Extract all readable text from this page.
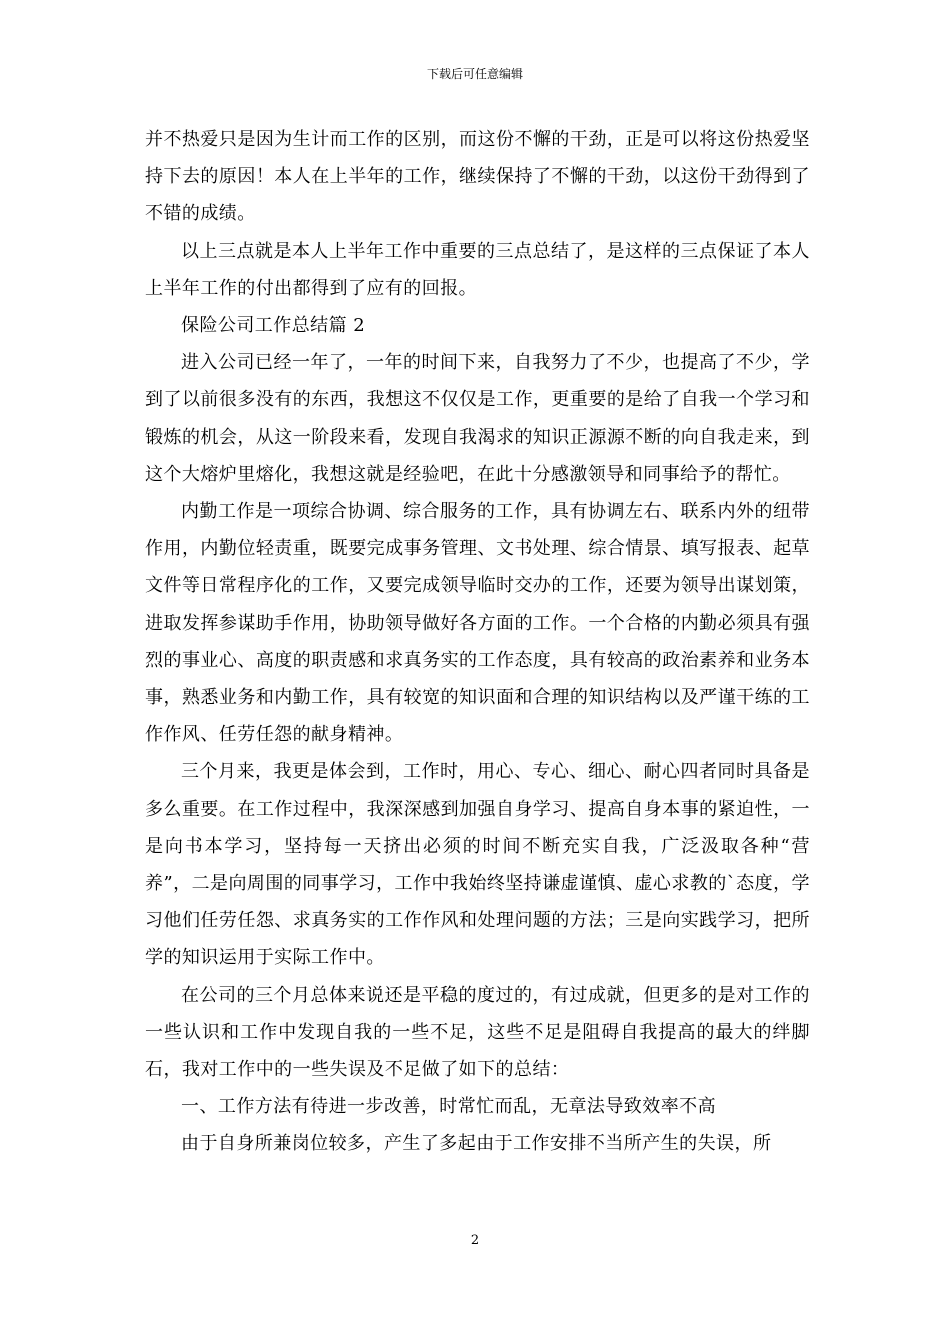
下载后可任意编辑

并不热爱只是因为生计而工作的区别，而这份不懈的干劲，正是可以将这份热爱坚持下去的原因！本人在上半年的工作，继续保持了不懈的干劲，以这份干劲得到了不错的成绩。

以上三点就是本人上半年工作中重要的三点总结了，是这样的三点保证了本人上半年工作的付出都得到了应有的回报。

保险公司工作总结篇 2

进入公司已经一年了，一年的时间下来，自我努力了不少，也提高了不少，学到了以前很多没有的东西，我想这不仅仅是工作，更重要的是给了自我一个学习和锻炼的机会，从这一阶段来看，发现自我渴求的知识正源源不断的向自我走来，到这个大熔炉里熔化，我想这就是经验吧，在此十分感激领导和同事给予的帮忙。

内勤工作是一项综合协调、综合服务的工作，具有协调左右、联系内外的纽带作用，内勤位轻责重，既要完成事务管理、文书处理、综合情景、填写报表、起草文件等日常程序化的工作，又要完成领导临时交办的工作，还要为领导出谋划策，进取发挥参谋助手作用，协助领导做好各方面的工作。一个合格的内勤必须具有强烈的事业心、高度的职责感和求真务实的工作态度，具有较高的政治素养和业务本事，熟悉业务和内勤工作，具有较宽的知识面和合理的知识结构以及严谨干练的工作作风、任劳任怨的献身精神。

三个月来，我更是体会到，工作时，用心、专心、细心、耐心四者同时具备是多么重要。在工作过程中，我深深感到加强自身学习、提高自身本事的紧迫性，一是向书本学习，坚持每一天挤出必须的时间不断充实自我，广泛汲取各种“营养”，二是向周围的同事学习，工作中我始终坚持谦虚谨慎、虚心求教的`态度，学习他们任劳任怨、求真务实的工作作风和处理问题的方法；三是向实践学习，把所学的知识运用于实际工作中。

在公司的三个月总体来说还是平稳的度过的，有过成就，但更多的是对工作的一些认识和工作中发现自我的一些不足，这些不足是阻碍自我提高的最大的绊脚石，我对工作中的一些失误及不足做了如下的总结：

一、工作方法有待进一步改善，时常忙而乱，无章法导致效率不高

由于自身所兼岗位较多，产生了多起由于工作安排不当所产生的失误，所

2
